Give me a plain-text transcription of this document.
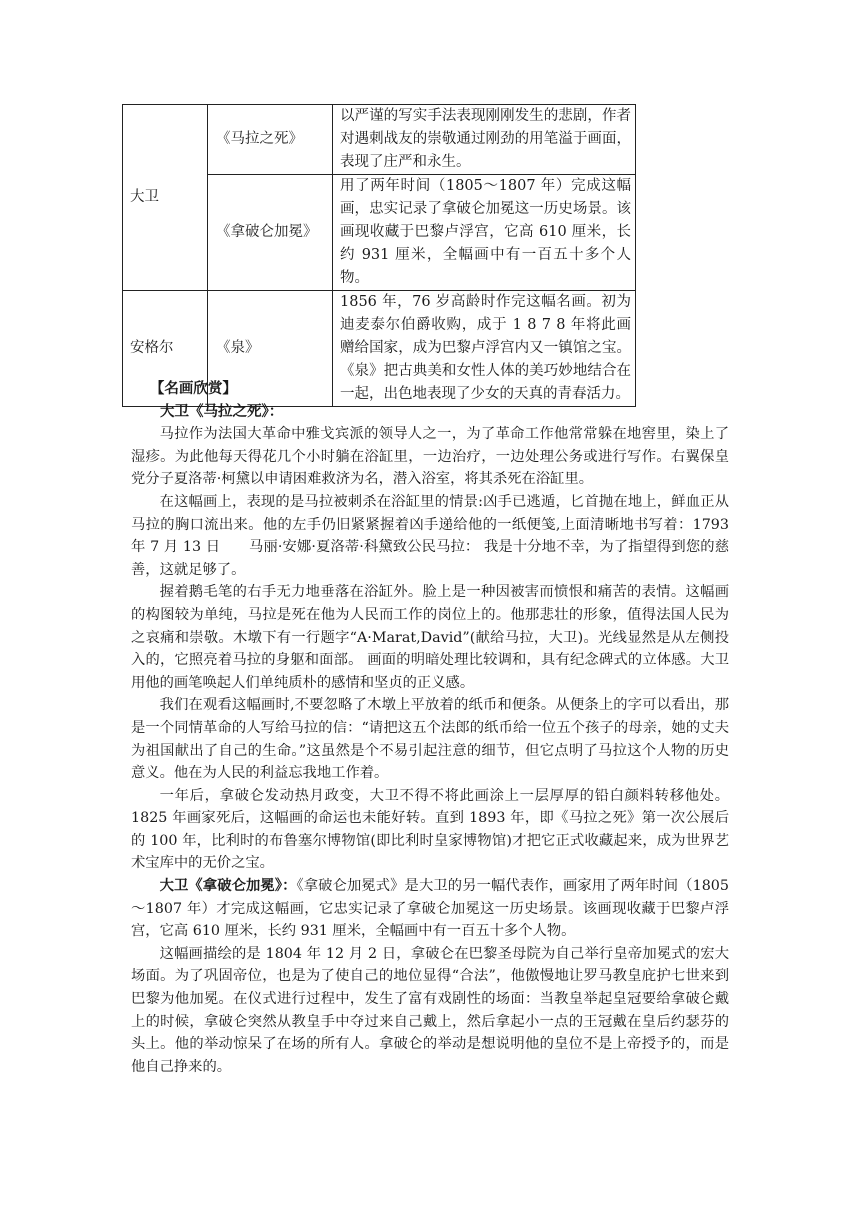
大卫	《马拉之死》	以严谨的写实手法表现刚刚发生的悲剧，作者对遇刺战友的崇敬通过刚劲的用笔溢于画面，表现了庄严和永生。
	《拿破仑加冕》	用了两年时间（1805～1807 年）完成这幅画，忠实记录了拿破仑加冕这一历史场景。该画现收藏于巴黎卢浮宫，它高 610 厘米，长约 931 厘米，全幅画中有一百五十多个人物。
安格尔	《泉》	1856 年，76 岁高龄时作完这幅名画。初为迪麦泰尔伯爵收购，成于 1 8 7 8 年将此画赠给国家，成为巴黎卢浮宫内又一镇馆之宝。《泉》把古典美和女性人体的美巧妙地结合在一起，出色地表现了少女的天真的青春活力。

【名画欣赏】

大卫《马拉之死》：

马拉作为法国大革命中雅戈宾派的领导人之一，为了革命工作他常常躲在地窖里，染上了湿疹。为此他每天得花几个小时躺在浴缸里，一边治疗，一边处理公务或进行写作。右翼保皇党分子夏洛蒂·柯黛以申请困难救济为名，潜入浴室，将其杀死在浴缸里。

在这幅画上，表现的是马拉被刺杀在浴缸里的情景:凶手已逃遁，匕首抛在地上，鲜血正从马拉的胸口流出来。他的左手仍旧紧紧握着凶手递给他的一纸便笺,上面清晰地书写着：1793 年 7 月 13 日　　马丽·安娜·夏洛蒂·科黛致公民马拉： 我是十分地不幸，为了指望得到您的慈善，这就足够了。

握着鹅毛笔的右手无力地垂落在浴缸外。脸上是一种因被害而愤恨和痛苦的表情。这幅画的构图较为单纯，马拉是死在他为人民而工作的岗位上的。他那悲壮的形象，值得法国人民为之哀痛和崇敬。木墩下有一行题字“A·Marat,David”(献给马拉，大卫)。光线显然是从左侧投入的，它照亮着马拉的身躯和面部。 画面的明暗处理比较调和，具有纪念碑式的立体感。大卫用他的画笔唤起人们单纯质朴的感情和坚贞的正义感。

我们在观看这幅画时,不要忽略了木墩上平放着的纸币和便条。从便条上的字可以看出，那是一个同情革命的人写给马拉的信：“请把这五个法郎的纸币给一位五个孩子的母亲，她的丈夫为祖国献出了自己的生命。”这虽然是个不易引起注意的细节，但它点明了马拉这个人物的历史意义。他在为人民的利益忘我地工作着。

一年后，拿破仑发动热月政变，大卫不得不将此画涂上一层厚厚的铅白颜料转移他处。1825 年画家死后，这幅画的命运也未能好转。直到 1893 年，即《马拉之死》第一次公展后的 100 年，比利时的布鲁塞尔博物馆(即比利时皇家博物馆)才把它正式收藏起来，成为世界艺术宝库中的无价之宝。

大卫《拿破仑加冕》：《拿破仑加冕式》是大卫的另一幅代表作，画家用了两年时间（1805～1807 年）才完成这幅画，它忠实记录了拿破仑加冕这一历史场景。该画现收藏于巴黎卢浮宫，它高 610 厘米，长约 931 厘米，全幅画中有一百五十多个人物。

这幅画描绘的是 1804 年 12 月 2 日，拿破仑在巴黎圣母院为自己举行皇帝加冕式的宏大场面。为了巩固帝位，也是为了使自己的地位显得“合法”，他傲慢地让罗马教皇庇护七世来到巴黎为他加冕。在仪式进行过程中，发生了富有戏剧性的场面：当教皇举起皇冠要给拿破仑戴上的时候，拿破仑突然从教皇手中夺过来自己戴上，然后拿起小一点的王冠戴在皇后约瑟芬的头上。他的举动惊呆了在场的所有人。拿破仑的举动是想说明他的皇位不是上帝授予的，而是他自己挣来的。
